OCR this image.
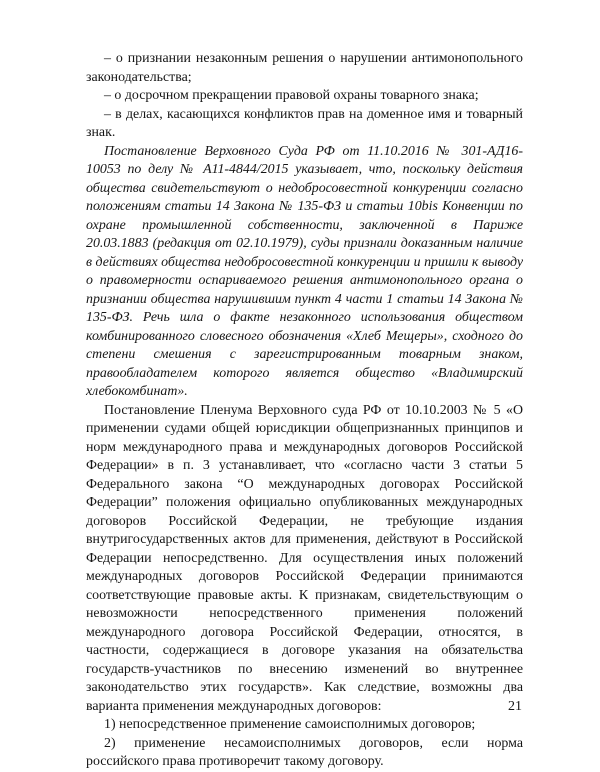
– о признании незаконным решения о нарушении антимонопольного законодательства;

– о досрочном прекращении правовой охраны товарного знака;

– в делах, касающихся конфликтов прав на доменное имя и товарный знак.

Постановление Верховного Суда РФ от 11.10.2016 № 301-АД16-10053 по делу № А11-4844/2015 указывает, что, поскольку действия общества свидетельствуют о недобросовестной конкуренции согласно положениям статьи 14 Закона № 135-ФЗ и статьи 10bis Конвенции по охране промышленной собственности, заключенной в Париже 20.03.1883 (редакция от 02.10.1979), суды признали доказанным наличие в действиях общества недобросовестной конкуренции и пришли к выводу о правомерности оспариваемого решения антимонопольного органа о признании общества нарушившим пункт 4 части 1 статьи 14 Закона № 135-ФЗ. Речь шла о факте незаконного использования обществом комбинированного словесного обозначения «Хлеб Мещеры», сходного до степени смешения с зарегистрированным товарным знаком, правообладателем которого является общество «Владимирский хлебокомбинат».

Постановление Пленума Верховного суда РФ от 10.10.2003 № 5 «О применении судами общей юрисдикции общепризнанных принципов и норм международного права и международных договоров Российской Федерации» в п. 3 устанавливает, что «согласно части 3 статьи 5 Федерального закона “О международных договорах Российской Федерации” положения официально опубликованных международных договоров Российской Федерации, не требующие издания внутригосударственных актов для применения, действуют в Российской Федерации непосредственно. Для осуществления иных положений международных договоров Российской Федерации принимаются соответствующие правовые акты. К признакам, свидетельствующим о невозможности непосредственного применения положений международного договора Российской Федерации, относятся, в частности, содержащиеся в договоре указания на обязательства государств-участников по внесению изменений во внутреннее законодательство этих государств». Как следствие, возможны два варианта применения международных договоров:

1) непосредственное применение самоисполнимых договоров;

2) применение несамоисполнимых договоров, если норма российского права противоречит такому договору.

21
